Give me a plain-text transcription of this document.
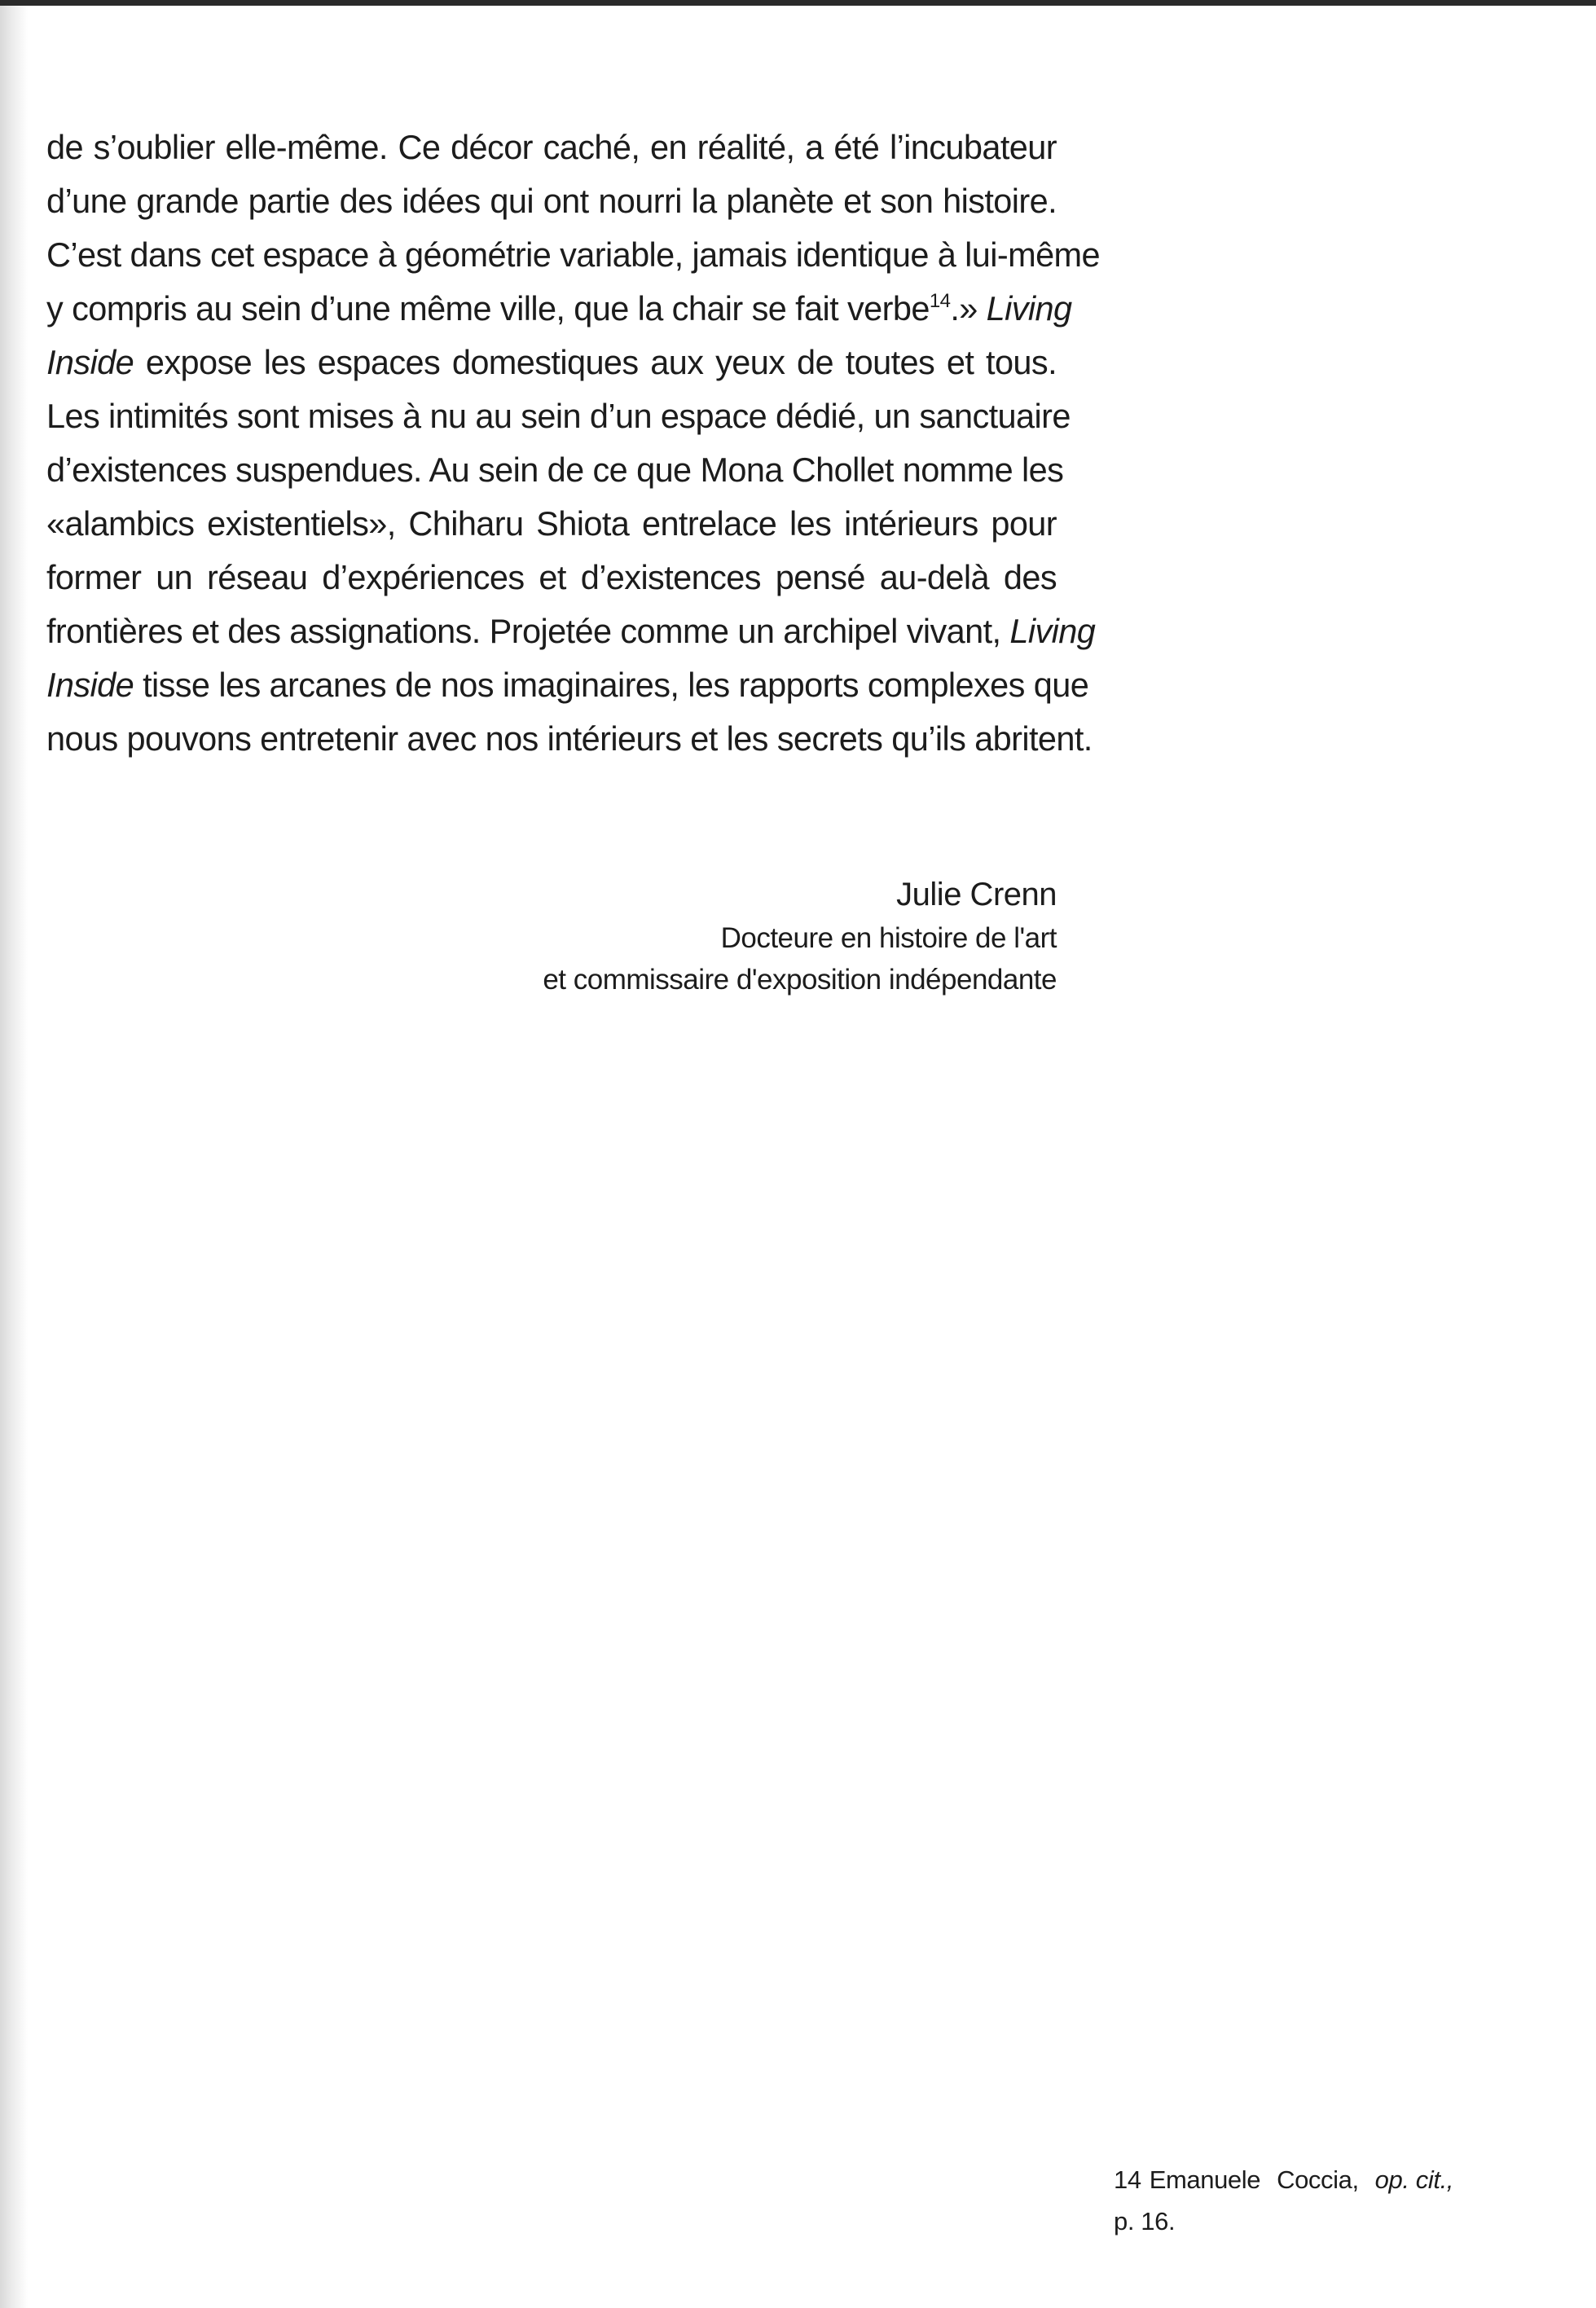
de s’oublier elle-même. Ce décor caché, en réalité, a été l’incubateur
d’une grande partie des idées qui ont nourri la planète et son histoire.
C’est dans cet espace à géométrie variable, jamais identique à lui-même
y compris au sein d’une même ville, que la chair se fait verbe$^{14}$.» Living
Inside expose les espaces domestiques aux yeux de toutes et tous.
Les intimités sont mises à nu au sein d’un espace dédié, un sanctuaire
d’existences suspendues. Au sein de ce que Mona Chollet nomme les
«alambics existentiels», Chiharu Shiota entrelace les intérieurs pour
former un réseau d’expériences et d’existences pensé au-delà des
frontières et des assignations. Projetée comme un archipel vivant, Living
Inside tisse les arcanes de nos imaginaires, les rapports complexes que
nous pouvons entretenir avec nos intérieurs et les secrets qu’ils abritent.
Julie Crenn
Docteure en histoire de l'art
et commissaire d'exposition indépendante
14 Emanuele Coccia, op. cit.,
p. 16.
